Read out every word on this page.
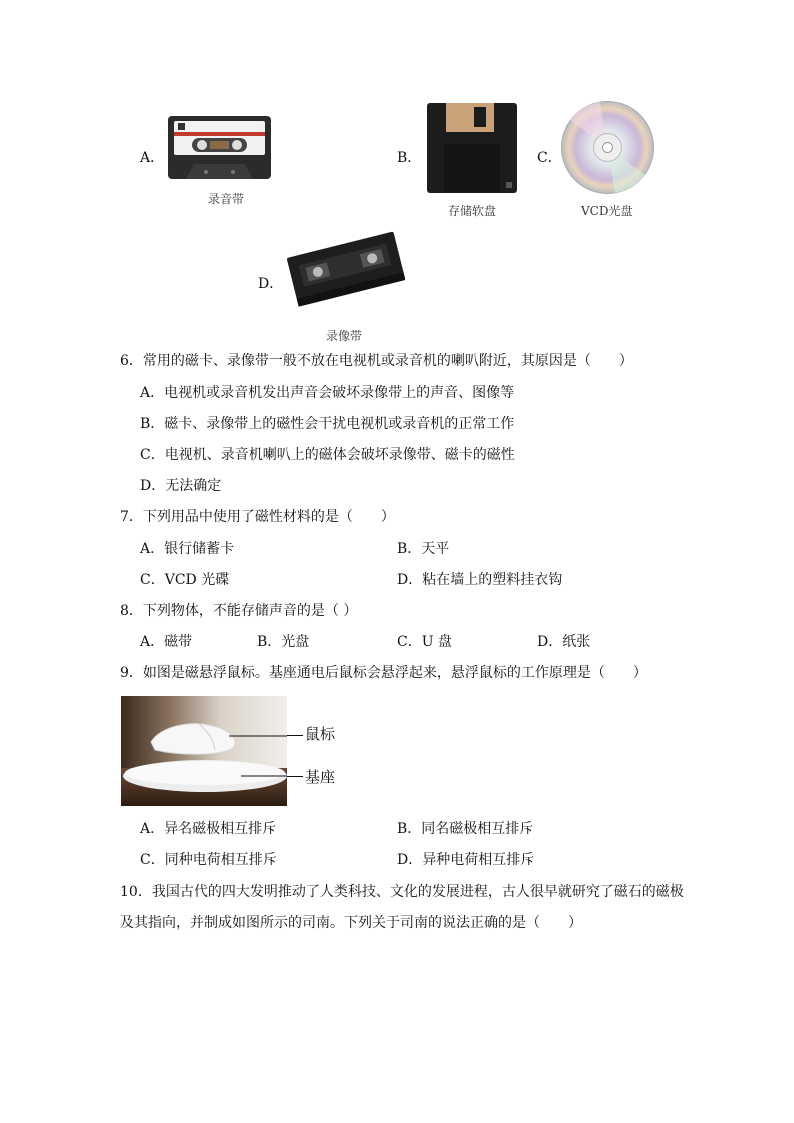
A．
录音带
B．
存储软盘
C．
VCD光盘
D．
录像带
6．常用的磁卡、录像带一般不放在电视机或录音机的喇叭附近，其原因是（　　）
A．电视机或录音机发出声音会破坏录像带上的声音、图像等
B．磁卡、录像带上的磁性会干扰电视机或录音机的正常工作
C．电视机、录音机喇叭上的磁体会破坏录像带、磁卡的磁性
D．无法确定
7．下列用品中使用了磁性材料的是（　　）
A．银行储蓄卡	B．天平
C．VCD 光碟	D．粘在墙上的塑料挂衣钩
8．下列物体，不能存储声音的是（ ）
A．磁带	B．光盘	C．U 盘	D．纸张
9．如图是磁悬浮鼠标。基座通电后鼠标会悬浮起来，悬浮鼠标的工作原理是（　　）
鼠标
基座
A．异名磁极相互排斥	B．同名磁极相互排斥
C．同种电荷相互排斥	D．异种电荷相互排斥
10．我国古代的四大发明推动了人类科技、文化的发展进程，古人很早就研究了磁石的磁极
及其指向，并制成如图所示的司南。下列关于司南的说法正确的是（　　）
